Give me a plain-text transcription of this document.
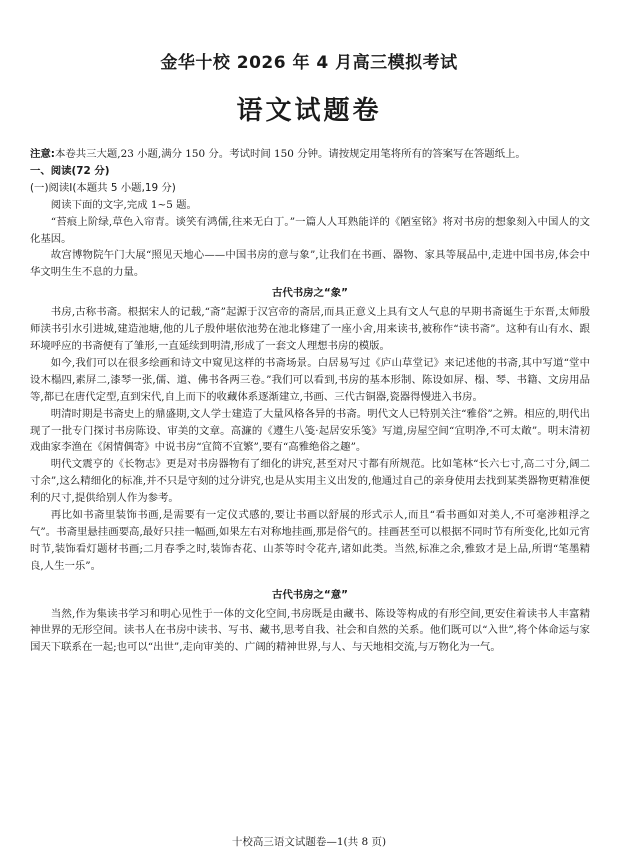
金华十校 2026 年 4 月高三模拟考试
语文试题卷

注意:本卷共三大题,23 小题,满分 150 分。考试时间 150 分钟。请按规定用笔将所有的答案写在答题纸上。

一、阅读(72 分)

(一)阅读Ⅰ(本题共 5 小题,19 分)

阅读下面的文字,完成 1~5 题。

“苔痕上阶绿,草色入帘青。谈笑有鸿儒,往来无白丁。”一篇人人耳熟能详的《陋室铭》将对书房的想象刻入中国人的文化基因。

故宫博物院午门大展“照见天地心——中国书房的意与象”,让我们在书画、器物、家具等展品中,走进中国书房,体会中华文明生生不息的力量。

古代书房之“象”

书房,古称书斋。根据宋人的记载,“斋”起源于汉宫帝的斋居,而具正意义上具有文人气息的早期书斋诞生于东晋,太师殷师渎书引水引进城,建造池塘,他的儿子殷仲堪依池势在池北修建了一座小舍,用来读书,被称作“读书斋”。这种有山有水、跟环境呼应的书斋便有了雏形,一直延续到明清,形成了一套文人理想书房的模版。

如今,我们可以在很多绘画和诗文中窥见这样的书斋场景。白居易写过《庐山草堂记》来记述他的书斋,其中写道“堂中设木榻四,素屏二,漆琴一张,儒、道、佛书各两三卷。”我们可以看到,书房的基本形制、陈设如屏、榻、琴、书籍、文房用品等,都已在唐代定型,直到宋代,自上而下的收藏体系逐渐建立,书画、三代古铜器,瓷器得慢进入书房。

明清时期是书斋史上的鼎盛期,文人学士建造了大量风格各异的书斋。明代文人已特别关注“雅俗”之辨。相应的,明代出现了一批专门探讨书房陈设、审美的文章。高濂的《遵生八笺·起居安乐笺》写道,房屋空间“宜明净,不可太敞”。明末清初戏曲家李渔在《闲情偶寄》中说书房“宜简不宜繁”,要有“高雅绝俗之趣”。

明代文震亨的《长物志》更是对书房器物有了细化的讲究,甚至对尺寸都有所规范。比如笔林“长六七寸,高二寸分,阔二寸余”,这么精细化的标准,并不只是守刻的过分讲究,也是从实用主义出发的,他通过自己的亲身使用去找到某类器物更精准便利的尺寸,提供给别人作为参考。

再比如书斋里装饰书画,是需要有一定仪式感的,要让书画以舒展的形式示人,而且“看书画如对美人,不可毫涉粗浮之气”。书斋里悬挂画要高,最好只挂一幅画,如果左右对称地挂画,那是俗气的。挂画甚至可以根据不同时节有所变化,比如元宵时节,装饰看灯题材书画;二月春季之时,装饰杏花、山茶等时令花卉,诸如此类。当然,标准之余,雅致才是上品,所谓“笔墨精良,人生一乐”。

古代书房之“意”

当然,作为集读书学习和明心见性于一体的文化空间,书房既是由藏书、陈设等构成的有形空间,更安住着读书人丰富精神世界的无形空间。读书人在书房中读书、写书、藏书,思考自我、社会和自然的关系。他们既可以“入世”,将个体命运与家国天下联系在一起;也可以“出世”,走向审美的、广阔的精神世界,与人、与天地相交流,与万物化为一气。

十校高三语文试题卷—1(共 8 页)
